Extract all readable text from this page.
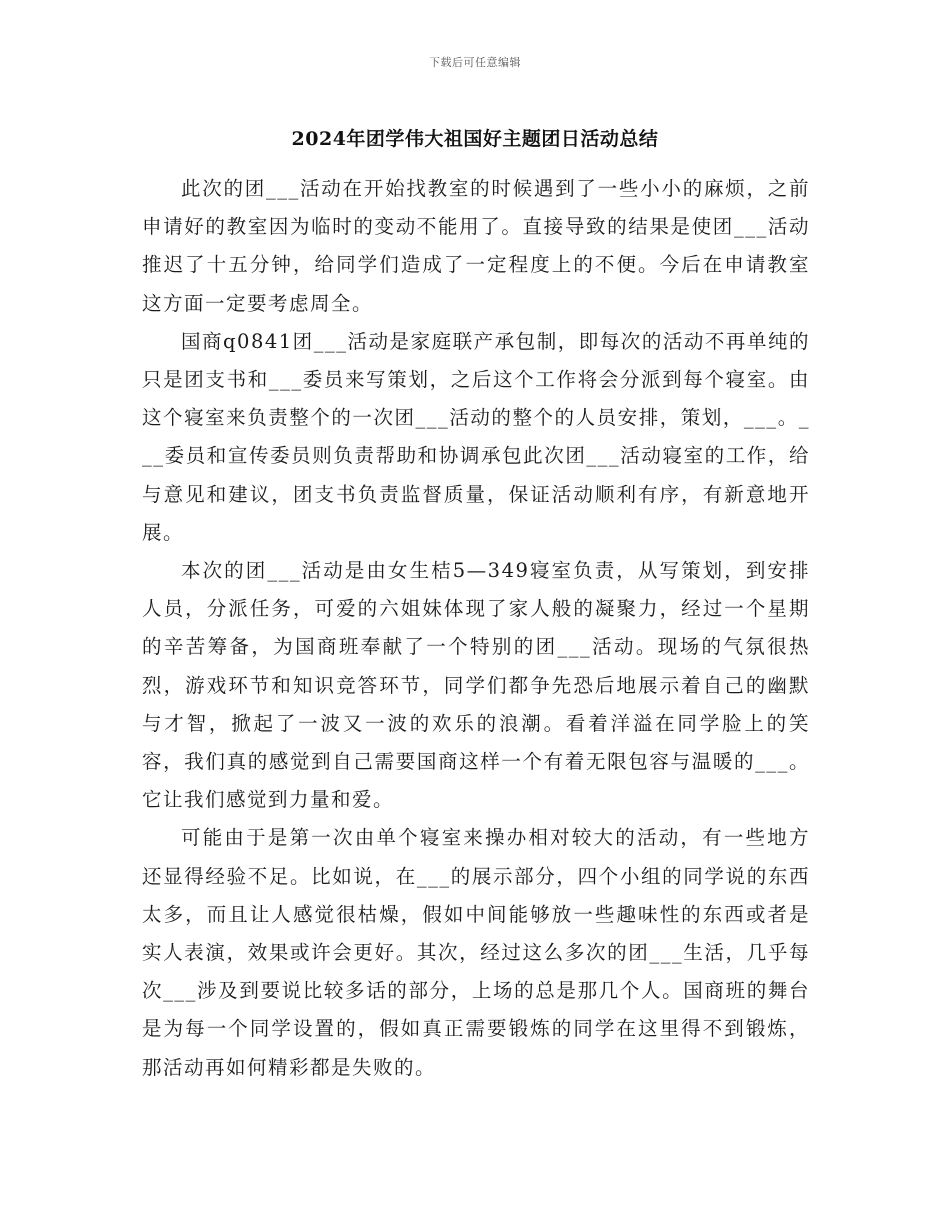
下载后可任意编辑
2024年团学伟大祖国好主题团日活动总结

此次的团___活动在开始找教室的时候遇到了一些小小的麻烦，之前申请好的教室因为临时的变动不能用了。直接导致的结果是使团___活动推迟了十五分钟，给同学们造成了一定程度上的不便。今后在申请教室这方面一定要考虑周全。

国商q0841团___活动是家庭联产承包制，即每次的活动不再单纯的只是团支书和___委员来写策划，之后这个工作将会分派到每个寝室。由这个寝室来负责整个的一次团___活动的整个的人员安排，策划，___。___委员和宣传委员则负责帮助和协调承包此次团___活动寝室的工作，给与意见和建议，团支书负责监督质量，保证活动顺利有序，有新意地开展。

本次的团___活动是由女生桔5—349寝室负责，从写策划，到安排人员，分派任务，可爱的六姐妹体现了家人般的凝聚力，经过一个星期的辛苦筹备，为国商班奉献了一个特别的团___活动。现场的气氛很热烈，游戏环节和知识竞答环节，同学们都争先恐后地展示着自己的幽默与才智，掀起了一波又一波的欢乐的浪潮。看着洋溢在同学脸上的笑容，我们真的感觉到自己需要国商这样一个有着无限包容与温暖的___。它让我们感觉到力量和爱。

可能由于是第一次由单个寝室来操办相对较大的活动，有一些地方还显得经验不足。比如说，在___的展示部分，四个小组的同学说的东西太多，而且让人感觉很枯燥，假如中间能够放一些趣味性的东西或者是实人表演，效果或许会更好。其次，经过这么多次的团___生活，几乎每次___涉及到要说比较多话的部分，上场的总是那几个人。国商班的舞台是为每一个同学设置的，假如真正需要锻炼的同学在这里得不到锻炼，那活动再如何精彩都是失败的。
